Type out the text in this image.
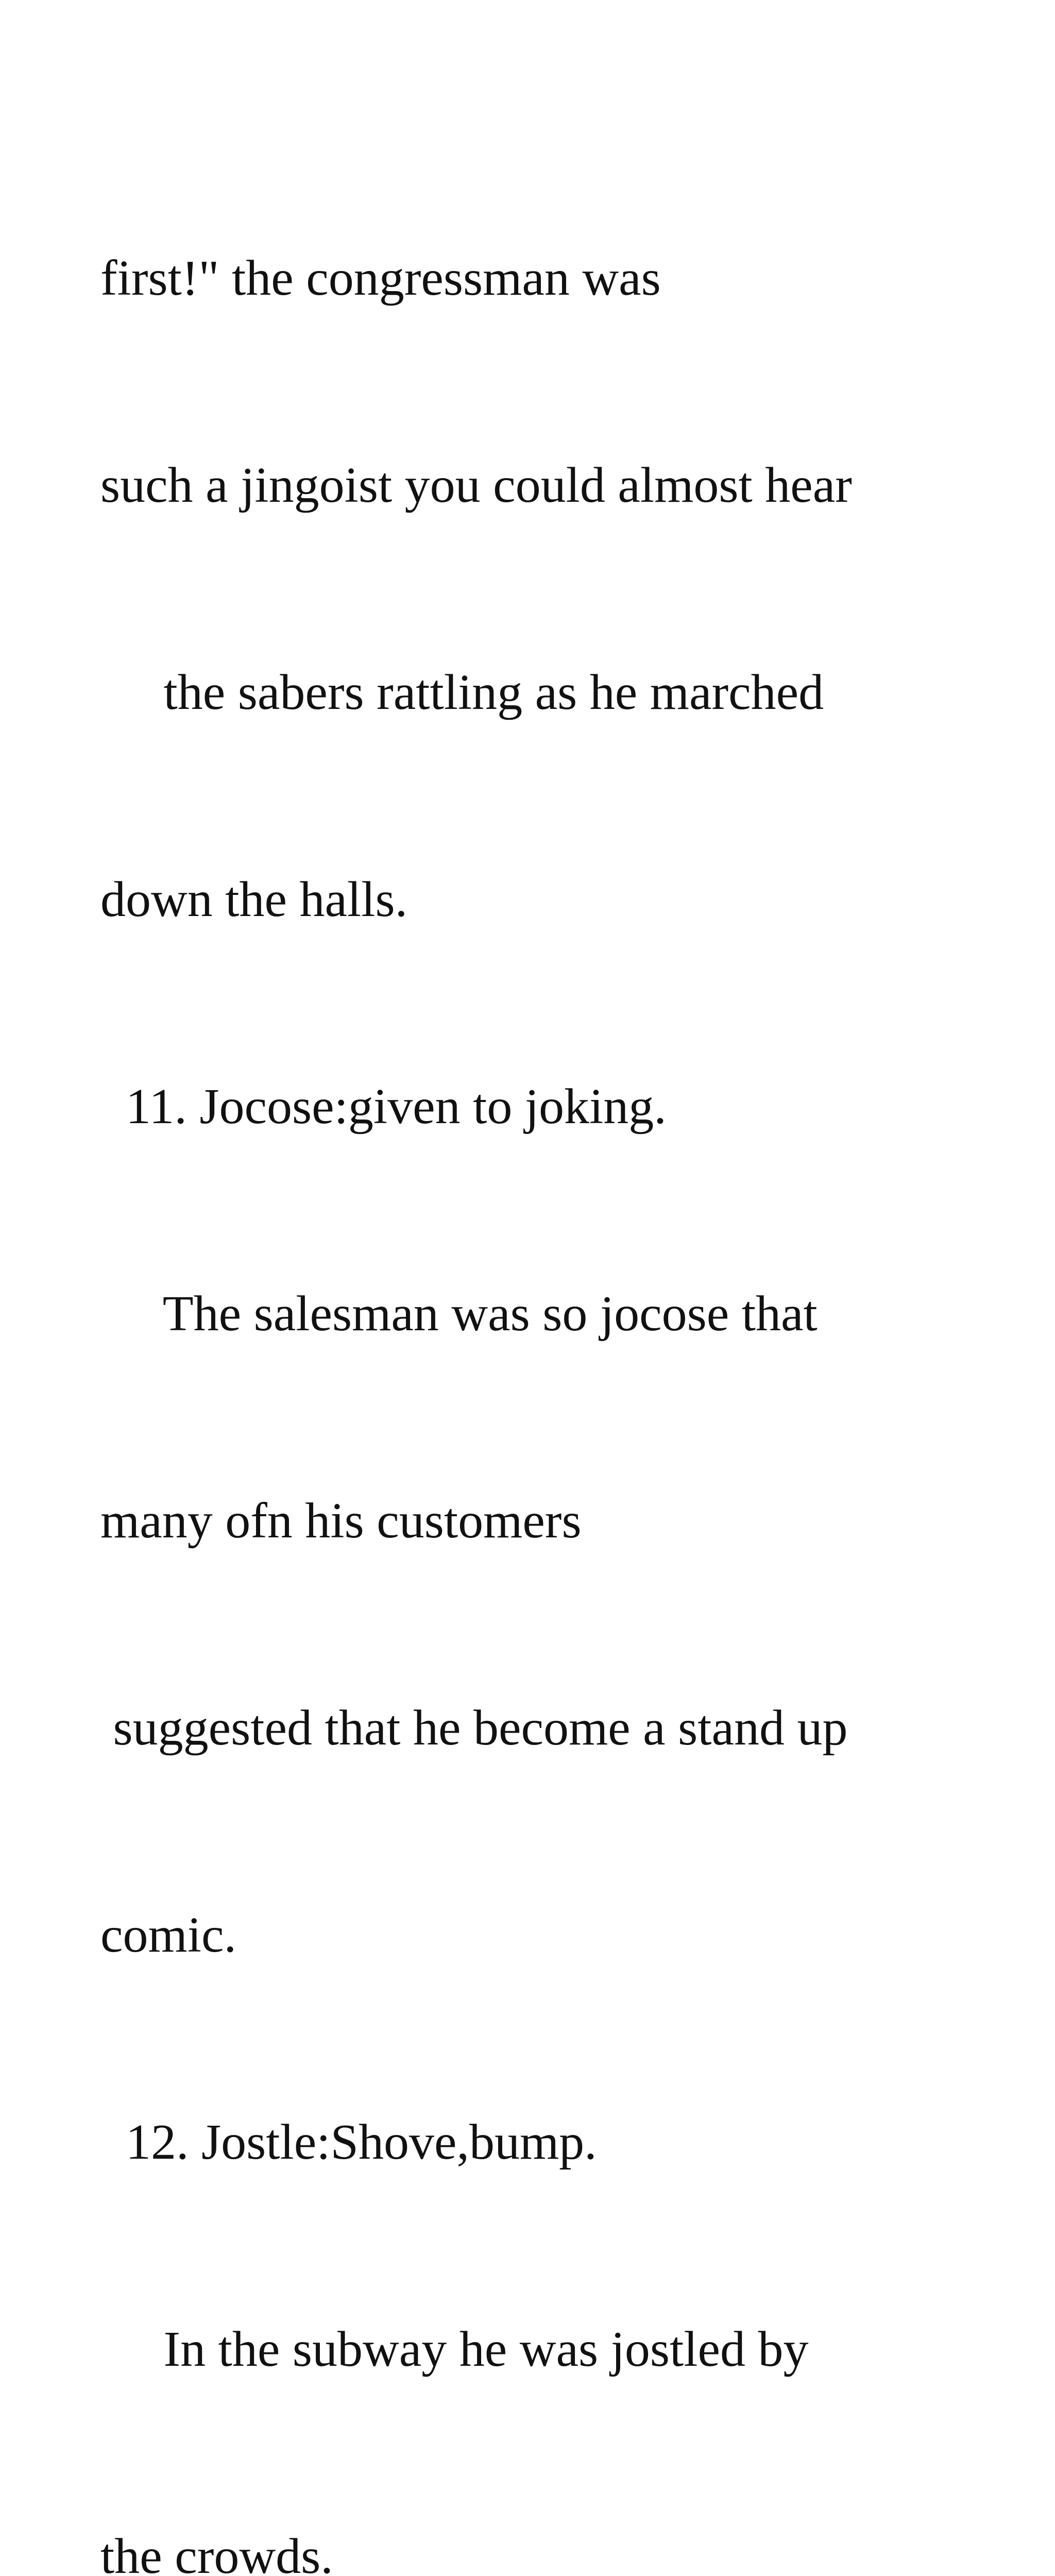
first!" the congressman was

such a jingoist you could almost hear

the sabers rattling as he marched

down the halls.

11. Jocose:given to joking.

The salesman was so jocose that

many ofn his customers

suggested that he become a stand up

comic.

12. Jostle:Shove,bump.

In the subway he was jostled by

the crowds.
